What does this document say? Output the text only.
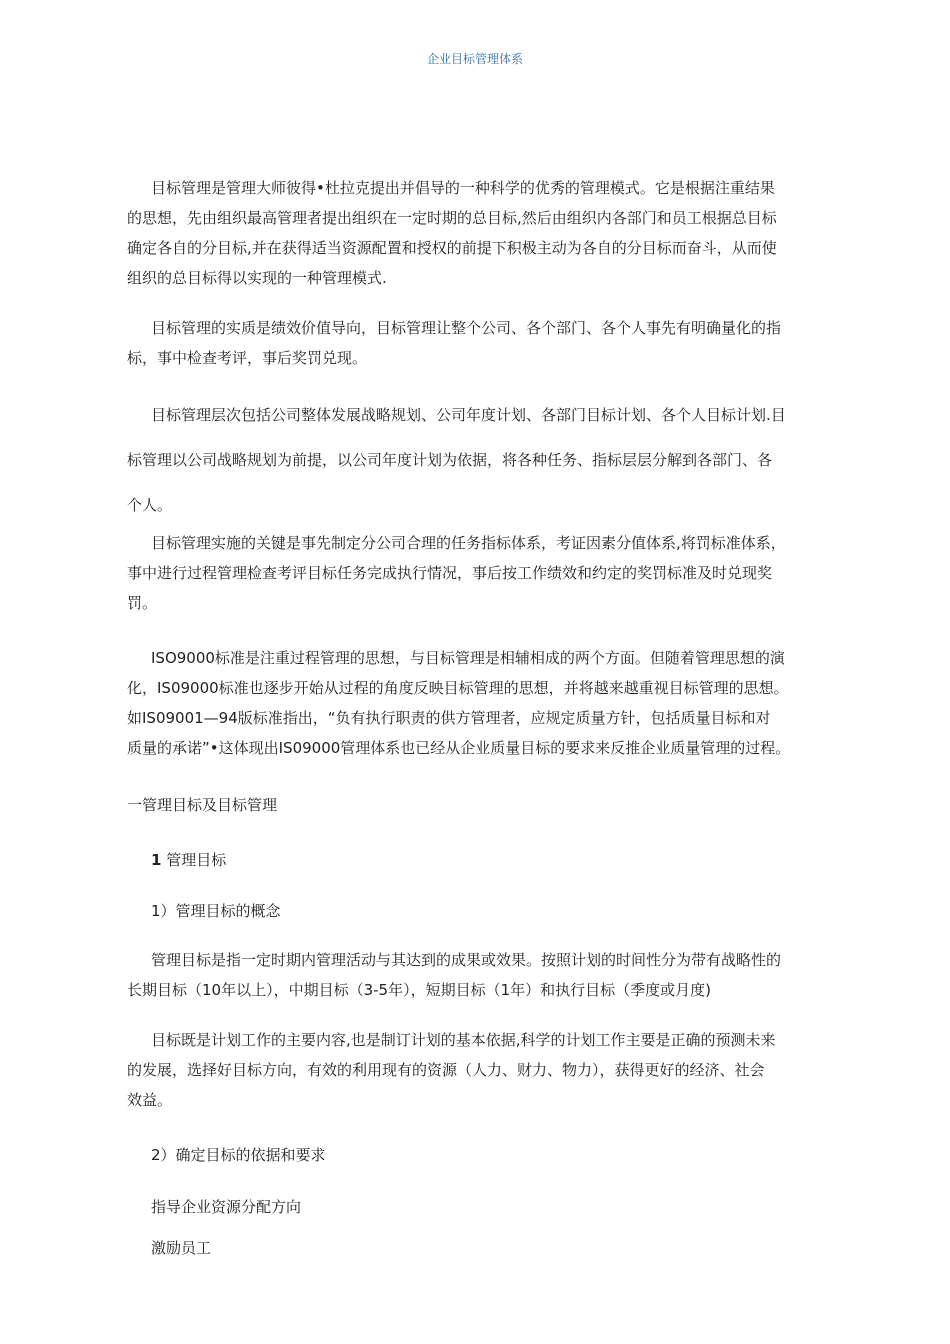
企业目标管理体系
目标管理是管理大师彼得•杜拉克提出并倡导的一种科学的优秀的管理模式。它是根据注重结果
的思想，先由组织最高管理者提出组织在一定时期的总目标,然后由组织内各部门和员工根据总目标
确定各自的分目标,并在获得适当资源配置和授权的前提下积极主动为各自的分目标而奋斗，从而使
组织的总目标得以实现的一种管理模式.
目标管理的实质是绩效价值导向，目标管理让整个公司、各个部门、各个人事先有明确量化的指
标，事中检查考评，事后奖罚兑现。
目标管理层次包括公司整体发展战略规划、公司年度计划、各部门目标计划、各个人目标计划.目
标管理以公司战略规划为前提，以公司年度计划为依据，将各种任务、指标层层分解到各部门、各
个人。
目标管理实施的关键是事先制定分公司合理的任务指标体系，考证因素分值体系,将罚标准体系，
事中进行过程管理检查考评目标任务完成执行情况，事后按工作绩效和约定的奖罚标准及时兑现奖
罚。
ISO9000标准是注重过程管理的思想，与目标管理是相辅相成的两个方面。但随着管理思想的演
化，IS09000标准也逐步开始从过程的角度反映目标管理的思想，并将越来越重视目标管理的思想。
如IS09001—94版标准指出，“负有执行职责的供方管理者，应规定质量方针，包括质量目标和对
质量的承诺”•这体现出IS09000管理体系也已经从企业质量目标的要求来反推企业质量管理的过程。
一管理目标及目标管理
1 管理目标
1）管理目标的概念
管理目标是指一定时期内管理活动与其达到的成果或效果。按照计划的时间性分为带有战略性的
长期目标（10年以上），中期目标（3-5年），短期目标（1年）和执行目标（季度或月度)
目标既是计划工作的主要内容,也是制订计划的基本依据,科学的计划工作主要是正确的预测未来
的发展，选择好目标方向，有效的利用现有的资源（人力、财力、物力），获得更好的经济、社会
效益。
2）确定目标的依据和要求
指导企业资源分配方向
激励员工
